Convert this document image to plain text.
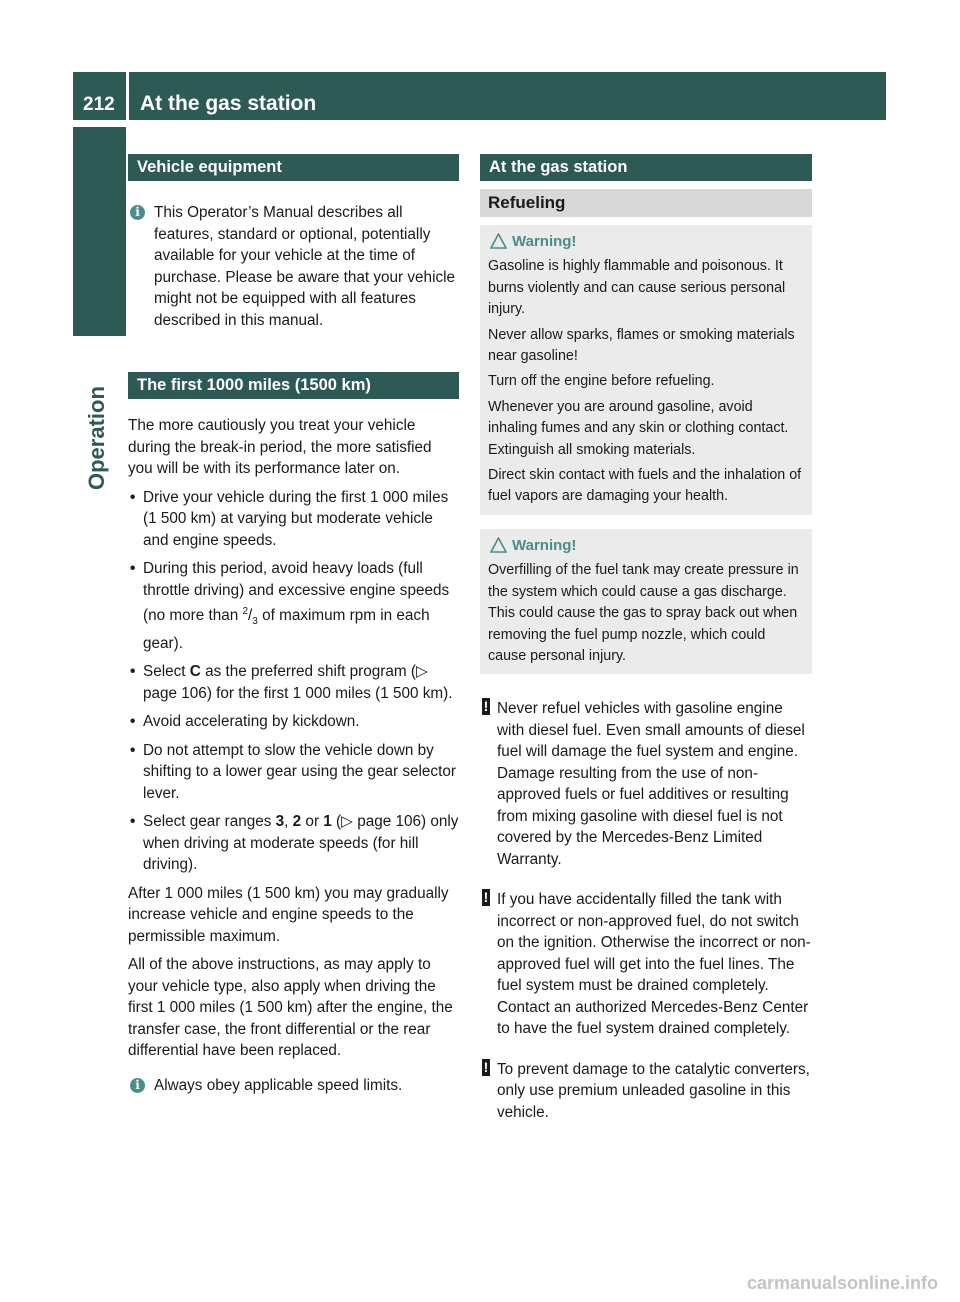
212 At the gas station
Operation
Vehicle equipment
i This Operator’s Manual describes all features, standard or optional, potentially available for your vehicle at the time of purchase. Please be aware that your vehicle might not be equipped with all features described in this manual.

The first 1000 miles (1500 km)

The more cautiously you treat your vehicle during the break-in period, the more satisfied you will be with its performance later on.

• Drive your vehicle during the first 1 000 miles (1 500 km) at varying but moderate vehicle and engine speeds.
• During this period, avoid heavy loads (full throttle driving) and excessive engine speeds (no more than $^2/_3$ of maximum rpm in each gear).
• Select C as the preferred shift program (▷ page 106) for the first 1 000 miles (1 500 km).
• Avoid accelerating by kickdown.
• Do not attempt to slow the vehicle down by shifting to a lower gear using the gear selector lever.
• Select gear ranges 3, 2 or 1 (▷ page 106) only when driving at moderate speeds (for hill driving).

After 1 000 miles (1 500 km) you may gradually increase vehicle and engine speeds to the permissible maximum.

All of the above instructions, as may apply to your vehicle type, also apply when driving the first 1 000 miles (1 500 km) after the engine, the transfer case, the front differential or the rear differential have been replaced.

i Always obey applicable speed limits.

At the gas station
Refueling
Warning!

Gasoline is highly flammable and poisonous. It burns violently and can cause serious personal injury.

Never allow sparks, flames or smoking materials near gasoline!

Turn off the engine before refueling.

Whenever you are around gasoline, avoid inhaling fumes and any skin or clothing contact. Extinguish all smoking materials.

Direct skin contact with fuels and the inhalation of fuel vapors are damaging your health.

Warning!

Overfilling of the fuel tank may create pressure in the system which could cause a gas discharge. This could cause the gas to spray back out when removing the fuel pump nozzle, which could cause personal injury.

! Never refuel vehicles with gasoline engine with diesel fuel. Even small amounts of diesel fuel will damage the fuel system and engine. Damage resulting from the use of non-approved fuels or fuel additives or resulting from mixing gasoline with diesel fuel is not covered by the Mercedes-Benz Limited Warranty.

! If you have accidentally filled the tank with incorrect or non-approved fuel, do not switch on the ignition. Otherwise the incorrect or non-approved fuel will get into the fuel lines. The fuel system must be drained completely. Contact an authorized Mercedes-Benz Center to have the fuel system drained completely.

! To prevent damage to the catalytic converters, only use premium unleaded gasoline in this vehicle.

carmanualsonline.info
